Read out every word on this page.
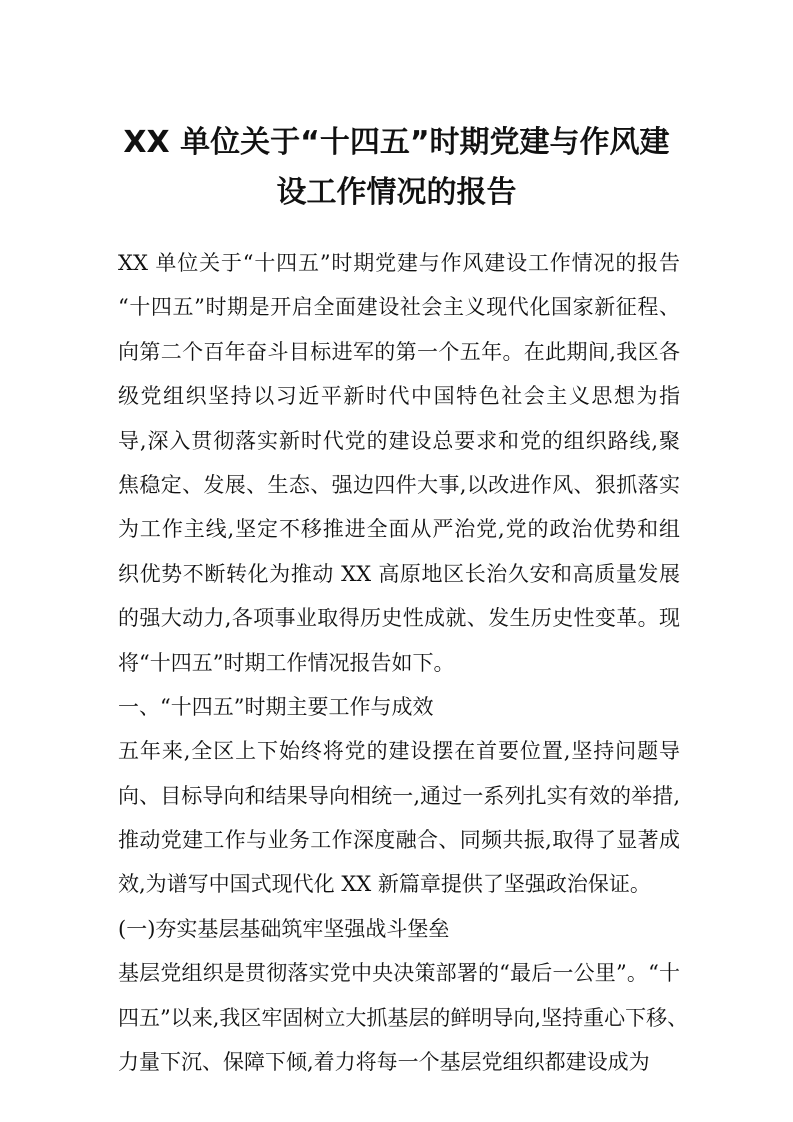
XX 单位关于“十四五”时期党建与作风建
设工作情况的报告
XX 单位关于“十四五”时期党建与作风建设工作情况的报告
“十四五”时期是开启全面建设社会主义现代化国家新征程、
向第二个百年奋斗目标进军的第一个五年。在此期间,我区各
级党组织坚持以习近平新时代中国特色社会主义思想为指
导,深入贯彻落实新时代党的建设总要求和党的组织路线,聚
焦稳定、发展、生态、强边四件大事,以改进作风、狠抓落实
为工作主线,坚定不移推进全面从严治党,党的政治优势和组
织优势不断转化为推动 XX 高原地区长治久安和高质量发展
的强大动力,各项事业取得历史性成就、发生历史性变革。现
将“十四五”时期工作情况报告如下。
一、“十四五”时期主要工作与成效
五年来,全区上下始终将党的建设摆在首要位置,坚持问题导
向、目标导向和结果导向相统一,通过一系列扎实有效的举措,
推动党建工作与业务工作深度融合、同频共振,取得了显著成
效,为谱写中国式现代化 XX 新篇章提供了坚强政治保证。
(一)夯实基层基础筑牢坚强战斗堡垒
基层党组织是贯彻落实党中央决策部署的“最后一公里”。“十
四五”以来,我区牢固树立大抓基层的鲜明导向,坚持重心下移、
力量下沉、保障下倾,着力将每一个基层党组织都建设成为
